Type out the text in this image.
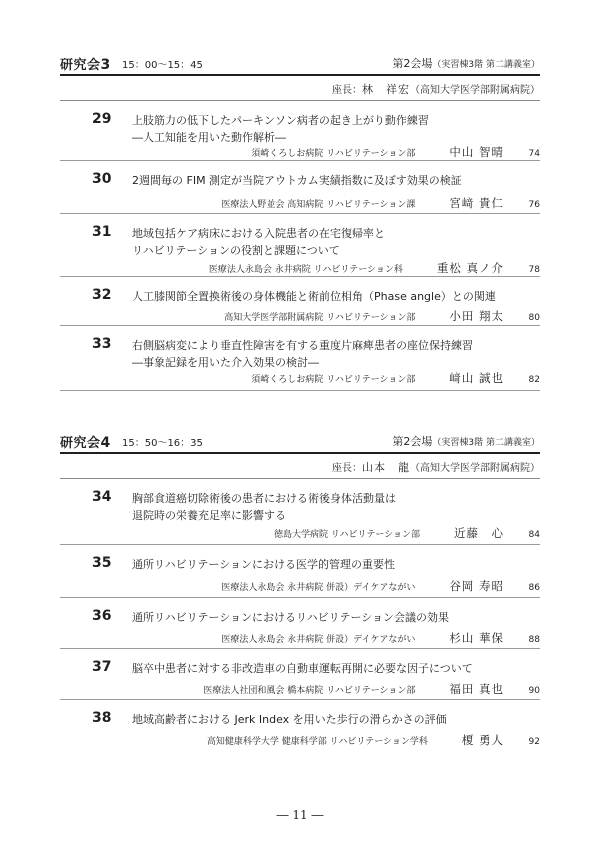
研究会3 15：00～15：45	第2会場（実習棟3階 第二講義室）
座長：林　祥宏（高知大学医学部附属病院）
29 上肢筋力の低下したパーキンソン病者の起き上がり動作練習
―人工知能を用いた動作解析―
須崎くろしお病院 リハビリテーション部	中山 智晴	74
30 2週間毎の FIM 測定が当院アウトカム実績指数に及ぼす効果の検証
医療法人野並会 高知病院 リハビリテーション課	宮﨑 貴仁	76
31 地域包括ケア病床における入院患者の在宅復帰率と
リハビリテーションの役割と課題について
医療法人永島会 永井病院 リハビリテーション科	重松 真ノ介	78
32 人工膝関節全置換術後の身体機能と術前位相角（Phase angle）との関連
高知大学医学部附属病院 リハビリテーション部	小田 翔太	80
33 右側脳病変により垂直性障害を有する重度片麻痺患者の座位保持練習
―事象記録を用いた介入効果の検討―
須崎くろしお病院 リハビリテーション部	﨑山 誠也	82
研究会4 15：50～16：35	第2会場（実習棟3階 第二講義室）
座長：山本　龍（高知大学医学部附属病院）
34 胸部食道癌切除術後の患者における術後身体活動量は
退院時の栄養充足率に影響する
徳島大学病院 リハビリテーション部	近藤　心	84
35 通所リハビリテーションにおける医学的管理の重要性
医療法人永島会 永井病院 併設）デイケアながい	谷岡 寿昭	86
36 通所リハビリテーションにおけるリハビリテーション会議の効果
医療法人永島会 永井病院 併設）デイケアながい	杉山 華保	88
37 脳卒中患者に対する非改造車の自動車運転再開に必要な因子について
医療法人社団和風会 橋本病院 リハビリテーション部	福田 真也	90
38 地域高齢者における Jerk Index を用いた歩行の滑らかさの評価
高知健康科学大学 健康科学部 リハビリテーション学科	榎 勇人	92
― 11 ―
